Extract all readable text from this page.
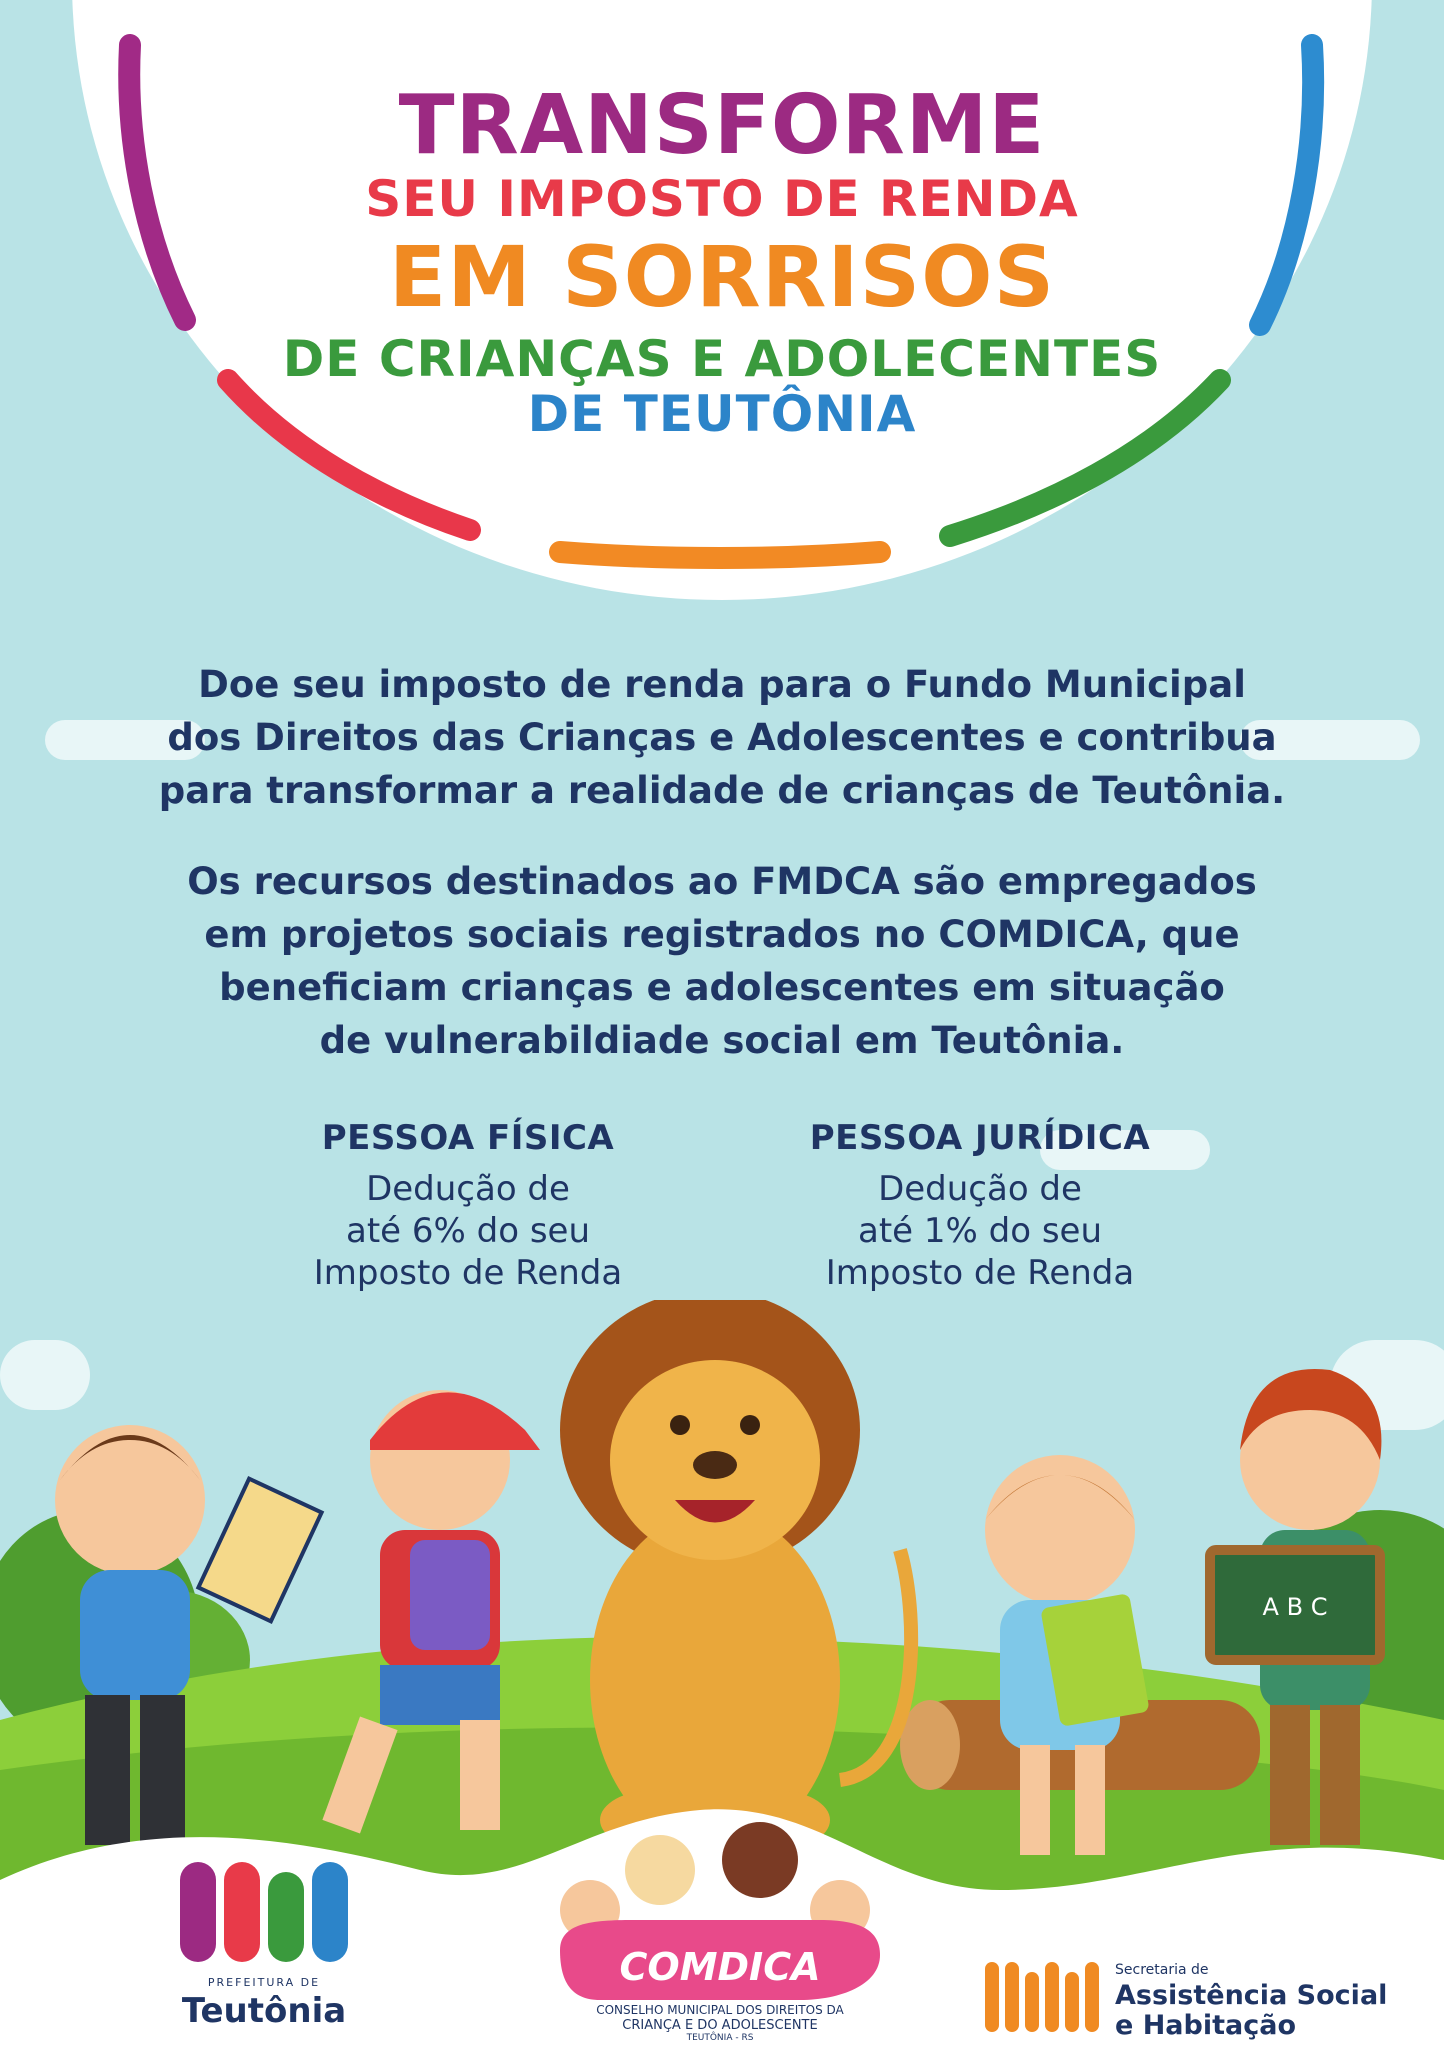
TRANSFORME
SEU IMPOSTO DE RENDA
EM SORRISOS
DE CRIANÇAS E ADOLECENTES
DE TEUTÔNIA
Doe seu imposto de renda para o Fundo Municipal
dos Direitos das Crianças e Adolescentes e contribua
para transformar a realidade de crianças de Teutônia.
Os recursos destinados ao FMDCA são empregados
em projetos sociais registrados no COMDICA, que
beneficiam crianças e adolescentes em situação
de vulnerabildiade social em Teutônia.
PESSOA FÍSICA
Dedução de
até 6% do seu
Imposto de Renda
PESSOA JURÍDICA
Dedução de
até 1% do seu
Imposto de Renda
A B C
PREFEITURA DE
Teutônia
COMDICA
CONSELHO MUNICIPAL DOS DIREITOS DA
CRIANÇA E DO ADOLESCENTE
TEUTÔNIA - RS
Secretaria de
Assistência Social
e Habitação
